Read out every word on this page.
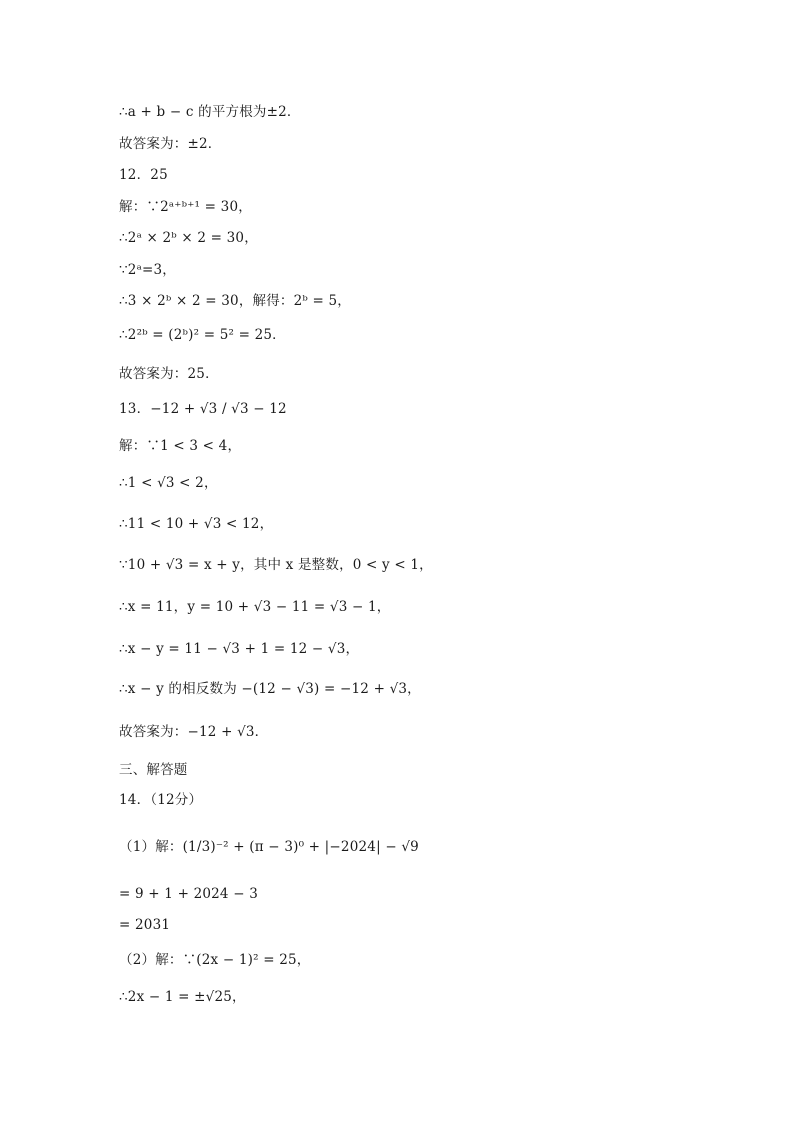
∴a + b − c 的平方根为±2．
故答案为：±2．
12．25
解：∵2ᵃ⁺ᵇ⁺¹ = 30，
∴2ᵃ × 2ᵇ × 2 = 30，
∵2ᵃ=3，
∴3 × 2ᵇ × 2 = 30，解得：2ᵇ = 5，
∴2²ᵇ = (2ᵇ)² = 5² = 25．
故答案为：25．
13．−12 + √3 / √3 − 12
解：∵1 < 3 < 4，
∴1 < √3 < 2，
∴11 < 10 + √3 < 12，
∵10 + √3 = x + y，其中 x 是整数，0 < y < 1，
∴x = 11，y = 10 + √3 − 11 = √3 − 1，
∴x − y = 11 − √3 + 1 = 12 − √3，
∴x − y 的相反数为 −(12 − √3) = −12 + √3，
故答案为：−12 + √3．
三、解答题
14．（12分）
（1）解：(1/3)⁻² + (π − 3)⁰ + |−2024| − √9
= 9 + 1 + 2024 − 3
= 2031
（2）解：∵(2x − 1)² = 25，
∴2x − 1 = ±√25，
